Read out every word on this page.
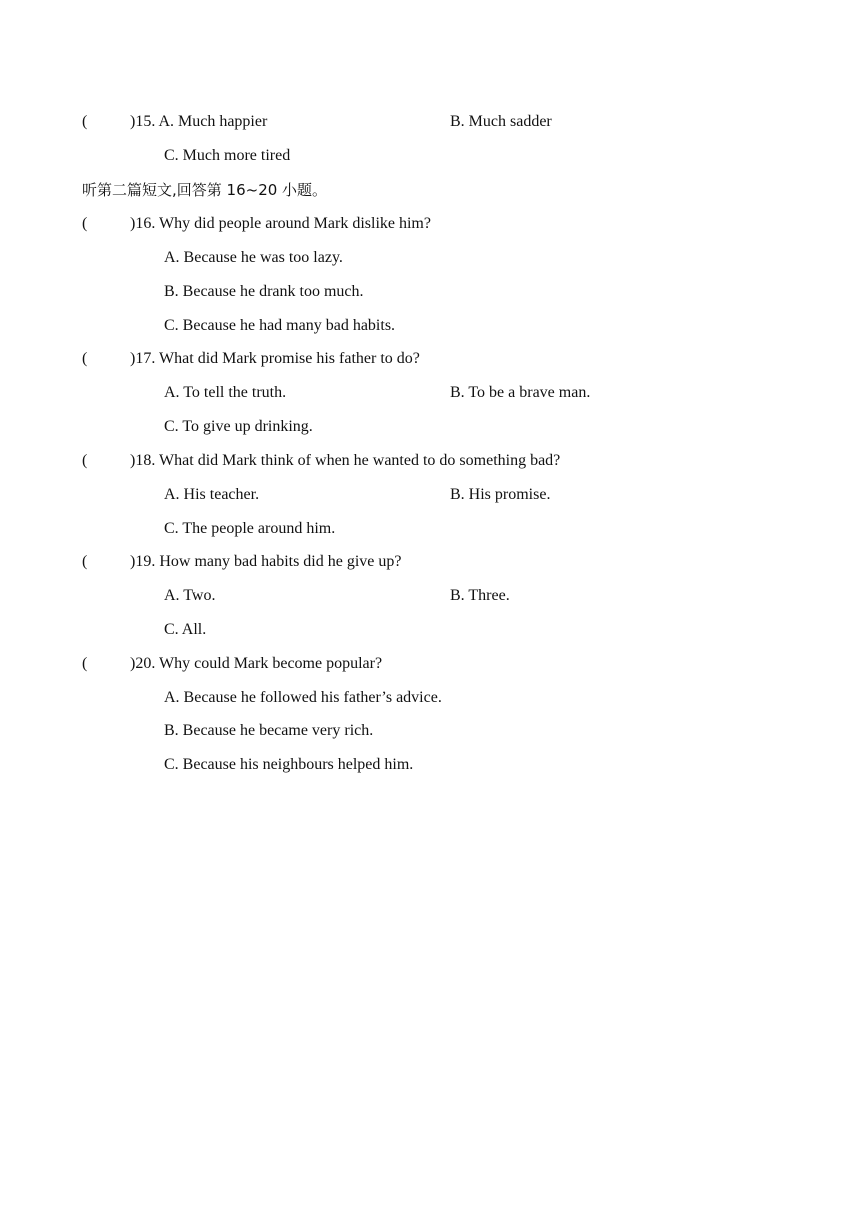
(	)15. A. Much happier	B. Much sadder
C. Much more tired
听第二篇短文,回答第 16~20 小题。
(	)16. Why did people around Mark dislike him?
A. Because he was too lazy.
B. Because he drank too much.
C. Because he had many bad habits.
(	)17. What did Mark promise his father to do?
A. To tell the truth.	B. To be a brave man.
C. To give up drinking.
(	)18. What did Mark think of when he wanted to do something bad?
A. His teacher.	B. His promise.
C. The people around him.
(	)19. How many bad habits did he give up?
A. Two.	B. Three.
C. All.
(	)20. Why could Mark become popular?
A. Because he followed his father’s advice.
B. Because he became very rich.
C. Because his neighbours helped him.
